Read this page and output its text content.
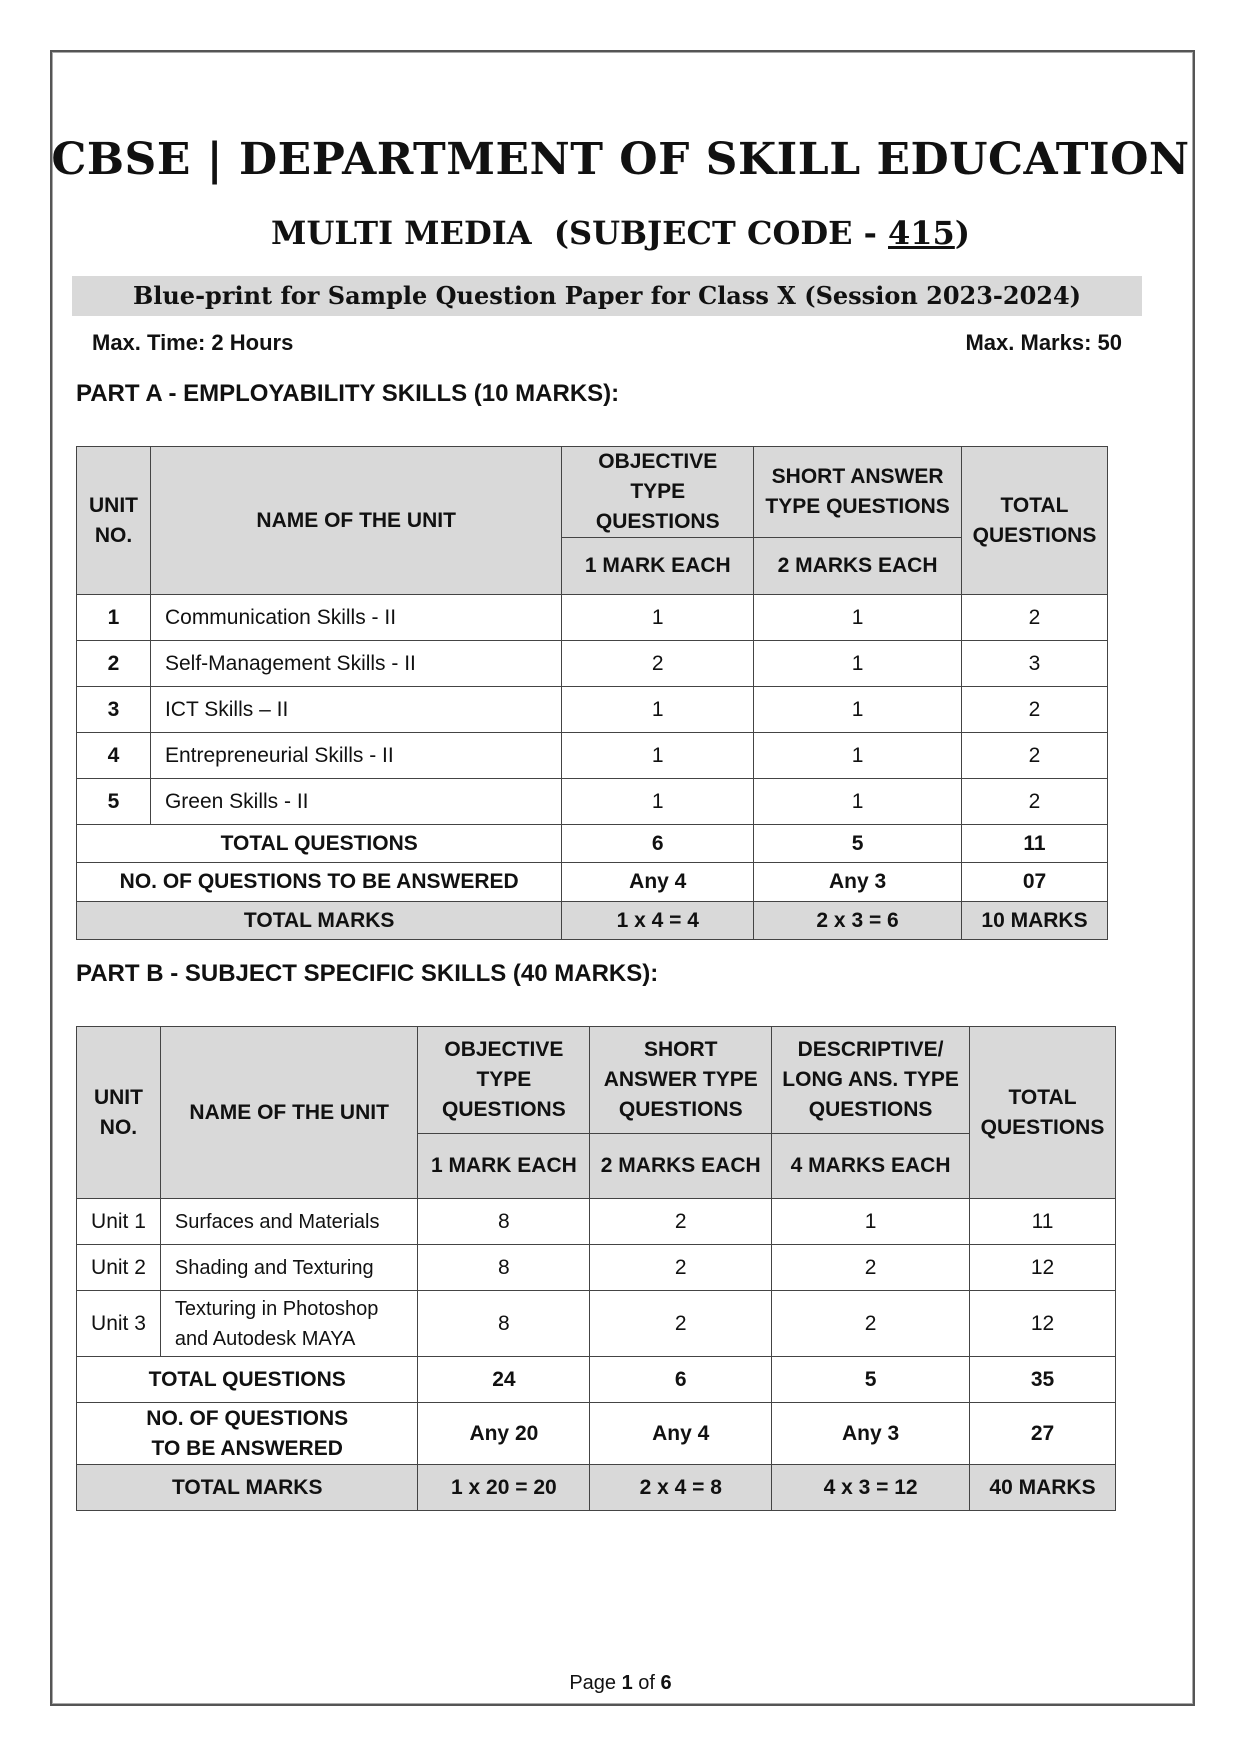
CBSE | DEPARTMENT OF SKILL EDUCATION
MULTI MEDIA  (SUBJECT CODE - 415)
Blue-print for Sample Question Paper for Class X (Session 2023-2024)
Max. Time: 2 Hours	Max. Marks: 50
PART A - EMPLOYABILITY SKILLS (10 MARKS):
UNIT NO.	NAME OF THE UNIT	OBJECTIVE TYPE QUESTIONS	SHORT ANSWER TYPE QUESTIONS	TOTAL QUESTIONS
		1 MARK EACH	2 MARKS EACH	
1	Communication Skills - II	1	1	2
2	Self-Management Skills - II	2	1	3
3	ICT Skills – II	1	1	2
4	Entrepreneurial Skills - II	1	1	2
5	Green Skills - II	1	1	2
TOTAL QUESTIONS		6	5	11
NO. OF QUESTIONS TO BE ANSWERED		Any 4	Any 3	07
TOTAL MARKS		1 x 4 = 4	2 x 3 = 6	10 MARKS
PART B - SUBJECT SPECIFIC SKILLS (40 MARKS):
UNIT NO.	NAME OF THE UNIT	OBJECTIVE TYPE QUESTIONS	SHORT ANSWER TYPE QUESTIONS	DESCRIPTIVE/ LONG ANS. TYPE QUESTIONS	TOTAL QUESTIONS
		1 MARK EACH	2 MARKS EACH	4 MARKS EACH	
Unit 1	Surfaces and Materials	8	2	1	11
Unit 2	Shading and Texturing	8	2	2	12
Unit 3	Texturing in Photoshop and Autodesk MAYA	8	2	2	12
TOTAL QUESTIONS		24	6	5	35
NO. OF QUESTIONS
TO BE ANSWERED		Any 20	Any 4	Any 3	27
TOTAL MARKS		1 x 20 = 20	2 x 4 = 8	4 x 3 = 12	40 MARKS
Page 1 of 6
